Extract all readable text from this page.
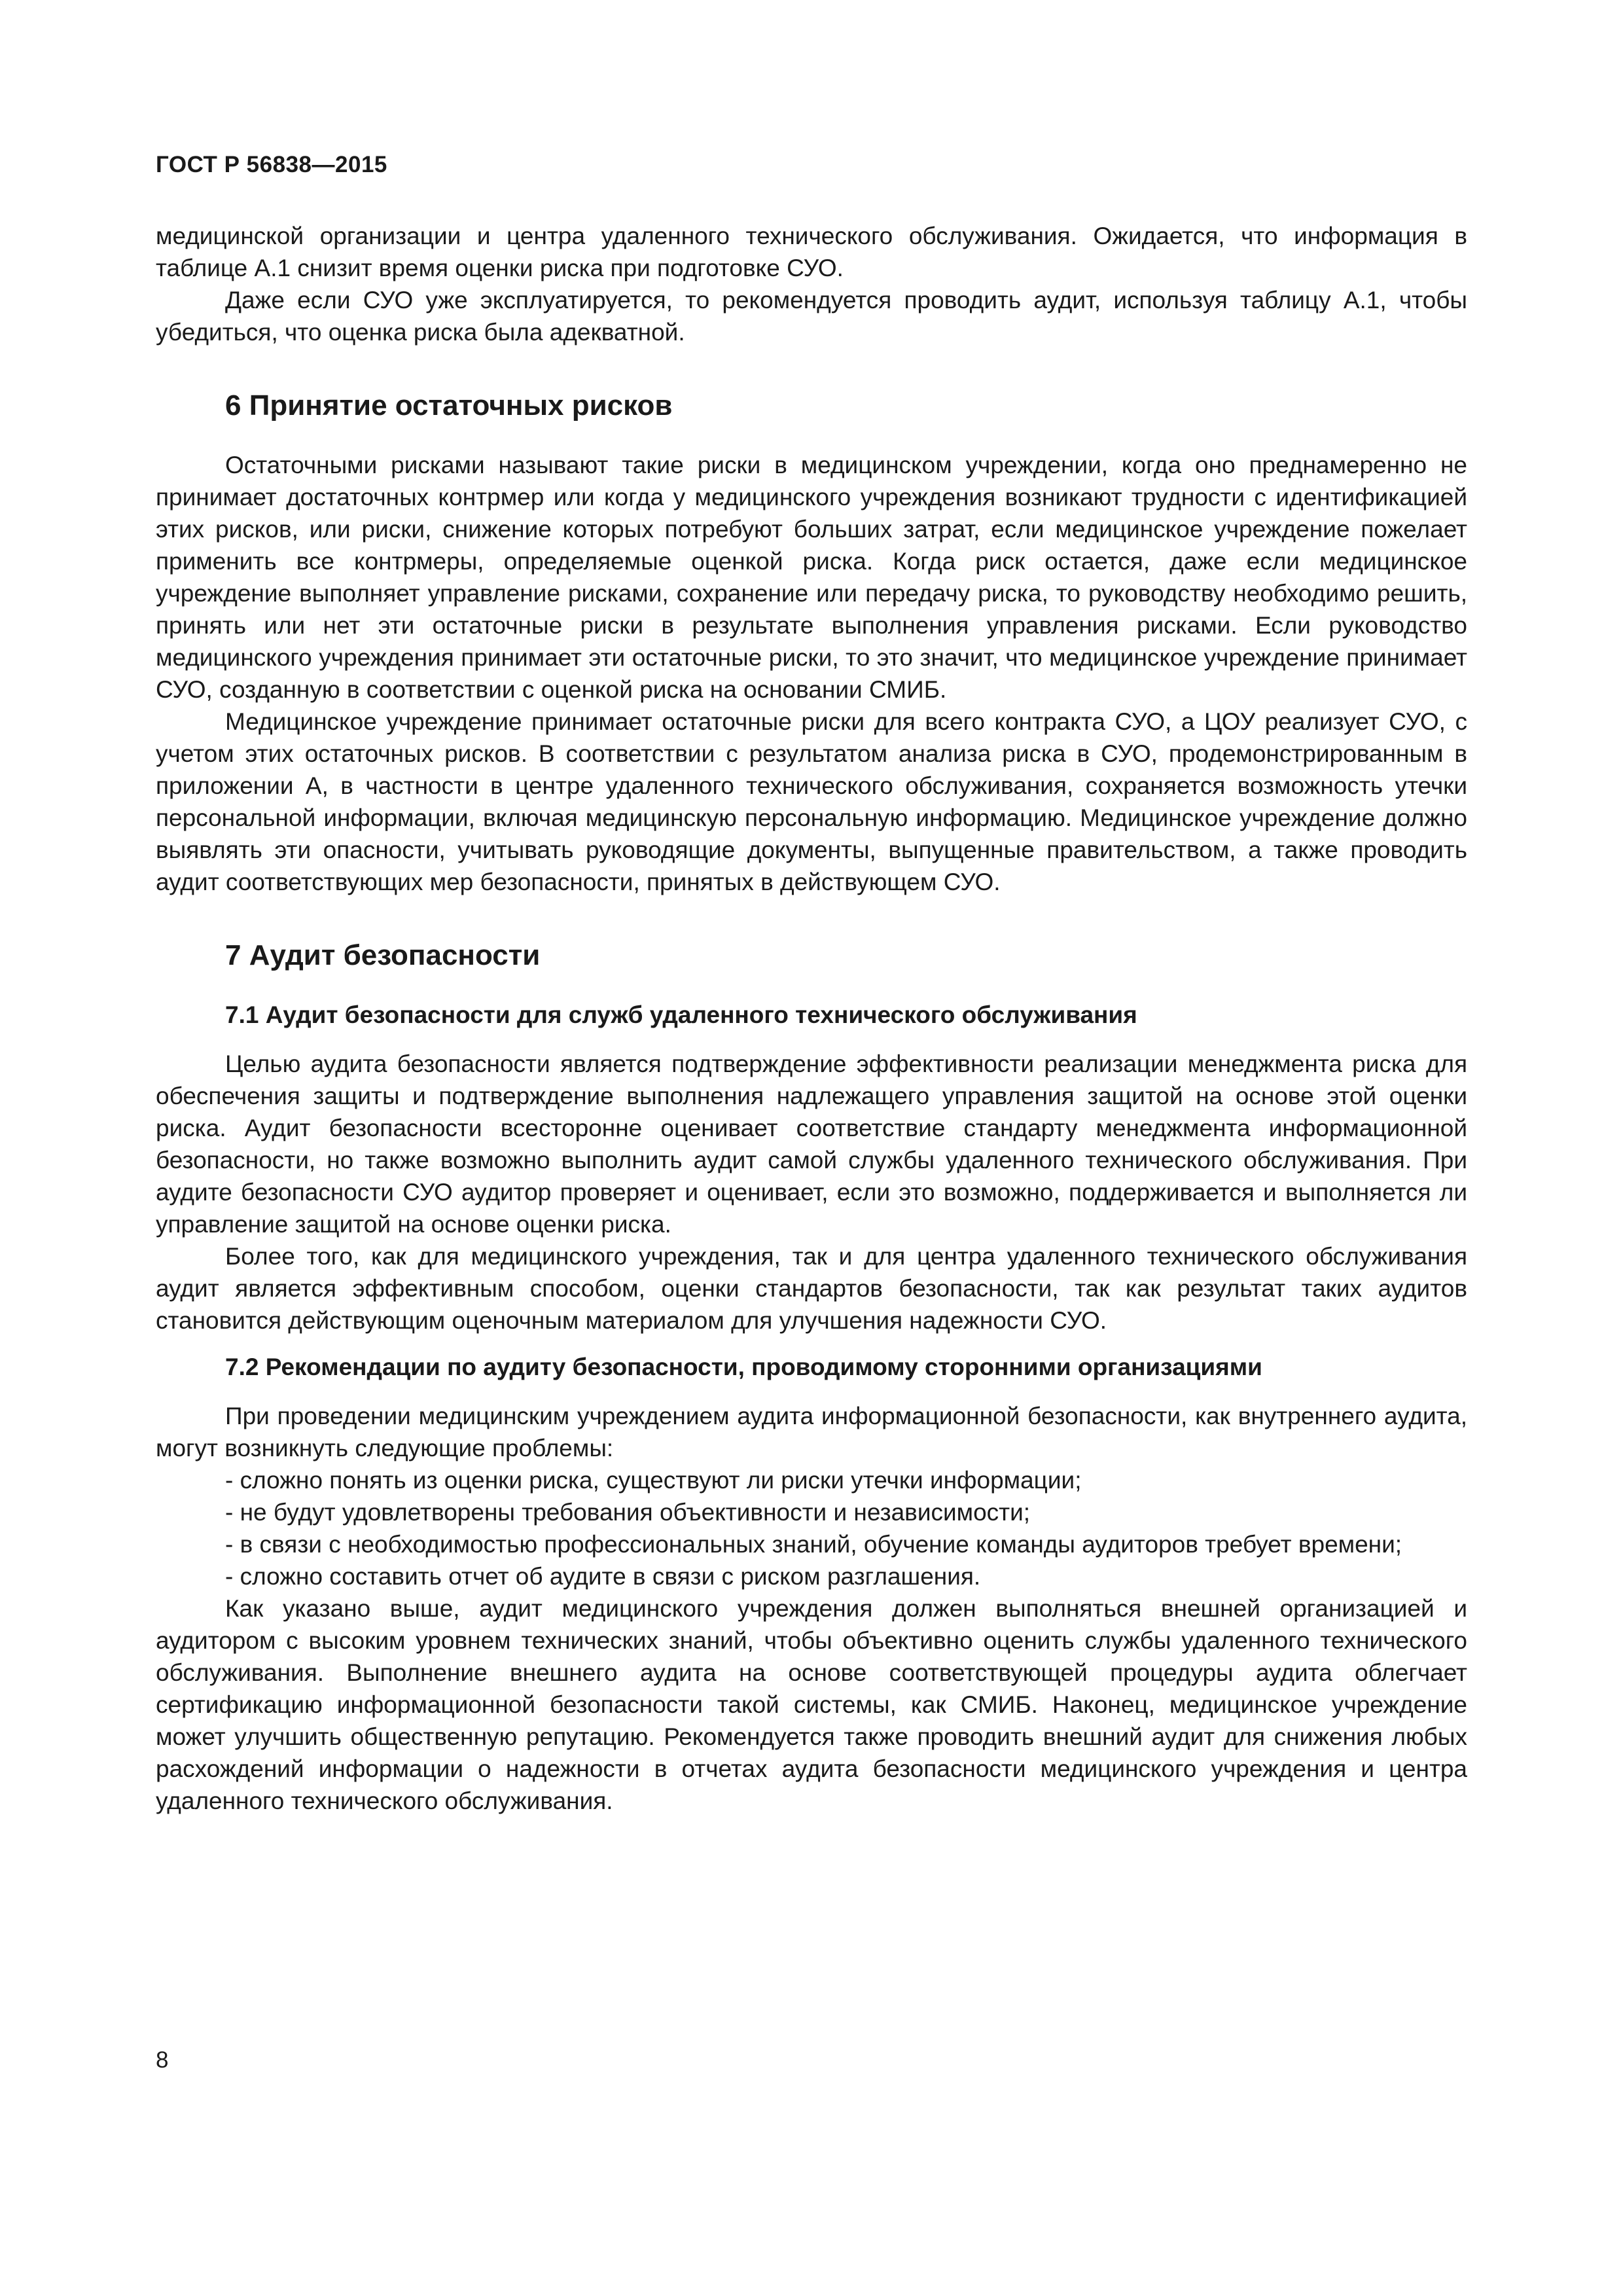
ГОСТ Р 56838—2015

медицинской организации и центра удаленного технического обслуживания. Ожидается, что информация в таблице А.1 снизит время оценки риска при подготовке СУО.

Даже если СУО уже эксплуатируется, то рекомендуется проводить аудит, используя таблицу А.1, чтобы убедиться, что оценка риска была адекватной.

6 Принятие остаточных рисков

Остаточными рисками называют такие риски в медицинском учреждении, когда оно преднамеренно не принимает достаточных контрмер или когда у медицинского учреждения возникают трудности с идентификацией этих рисков, или риски, снижение которых потребуют больших затрат, если медицинское учреждение пожелает применить все контрмеры, определяемые оценкой риска. Когда риск остается, даже если медицинское учреждение выполняет управление рисками, сохранение или передачу риска, то руководству необходимо решить, принять или нет эти остаточные риски в результате выполнения управления рисками. Если руководство медицинского учреждения принимает эти остаточные риски, то это значит, что медицинское учреждение принимает СУО, созданную в соответствии с оценкой риска на основании СМИБ.

Медицинское учреждение принимает остаточные риски для всего контракта СУО, а ЦОУ реализует СУО, с учетом этих остаточных рисков. В соответствии с результатом анализа риска в СУО, продемонстрированным в приложении А, в частности в центре удаленного технического обслуживания, сохраняется возможность утечки персональной информации, включая медицинскую персональную информацию. Медицинское учреждение должно выявлять эти опасности, учитывать руководящие документы, выпущенные правительством, а также проводить аудит соответствующих мер безопасности, принятых в действующем СУО.

7 Аудит безопасности
7.1 Аудит безопасности для служб удаленного технического обслуживания

Целью аудита безопасности является подтверждение эффективности реализации менеджмента риска для обеспечения защиты и подтверждение выполнения надлежащего управления защитой на основе этой оценки риска. Аудит безопасности всесторонне оценивает соответствие стандарту менеджмента информационной безопасности, но также возможно выполнить аудит самой службы удаленного технического обслуживания. При аудите безопасности СУО аудитор проверяет и оценивает, если это возможно, поддерживается и выполняется ли управление защитой на основе оценки риска.

Более того, как для медицинского учреждения, так и для центра удаленного технического обслуживания аудит является эффективным способом, оценки стандартов безопасности, так как результат таких аудитов становится действующим оценочным материалом для улучшения надежности СУО.

7.2 Рекомендации по аудиту безопасности, проводимому сторонними организациями

При проведении медицинским учреждением аудита информационной безопасности, как внутреннего аудита, могут возникнуть следующие проблемы:

- сложно понять из оценки риска, существуют ли риски утечки информации;

- не будут удовлетворены требования объективности и независимости;

- в связи с необходимостью профессиональных знаний, обучение команды аудиторов требует времени;

- сложно составить отчет об аудите в связи с риском разглашения.

Как указано выше, аудит медицинского учреждения должен выполняться внешней организацией и аудитором с высоким уровнем технических знаний, чтобы объективно оценить службы удаленного технического обслуживания. Выполнение внешнего аудита на основе соответствующей процедуры аудита облегчает сертификацию информационной безопасности такой системы, как СМИБ. Наконец, медицинское учреждение может улучшить общественную репутацию. Рекомендуется также проводить внешний аудит для снижения любых расхождений информации о надежности в отчетах аудита безопасности медицинского учреждения и центра удаленного технического обслуживания.

8
